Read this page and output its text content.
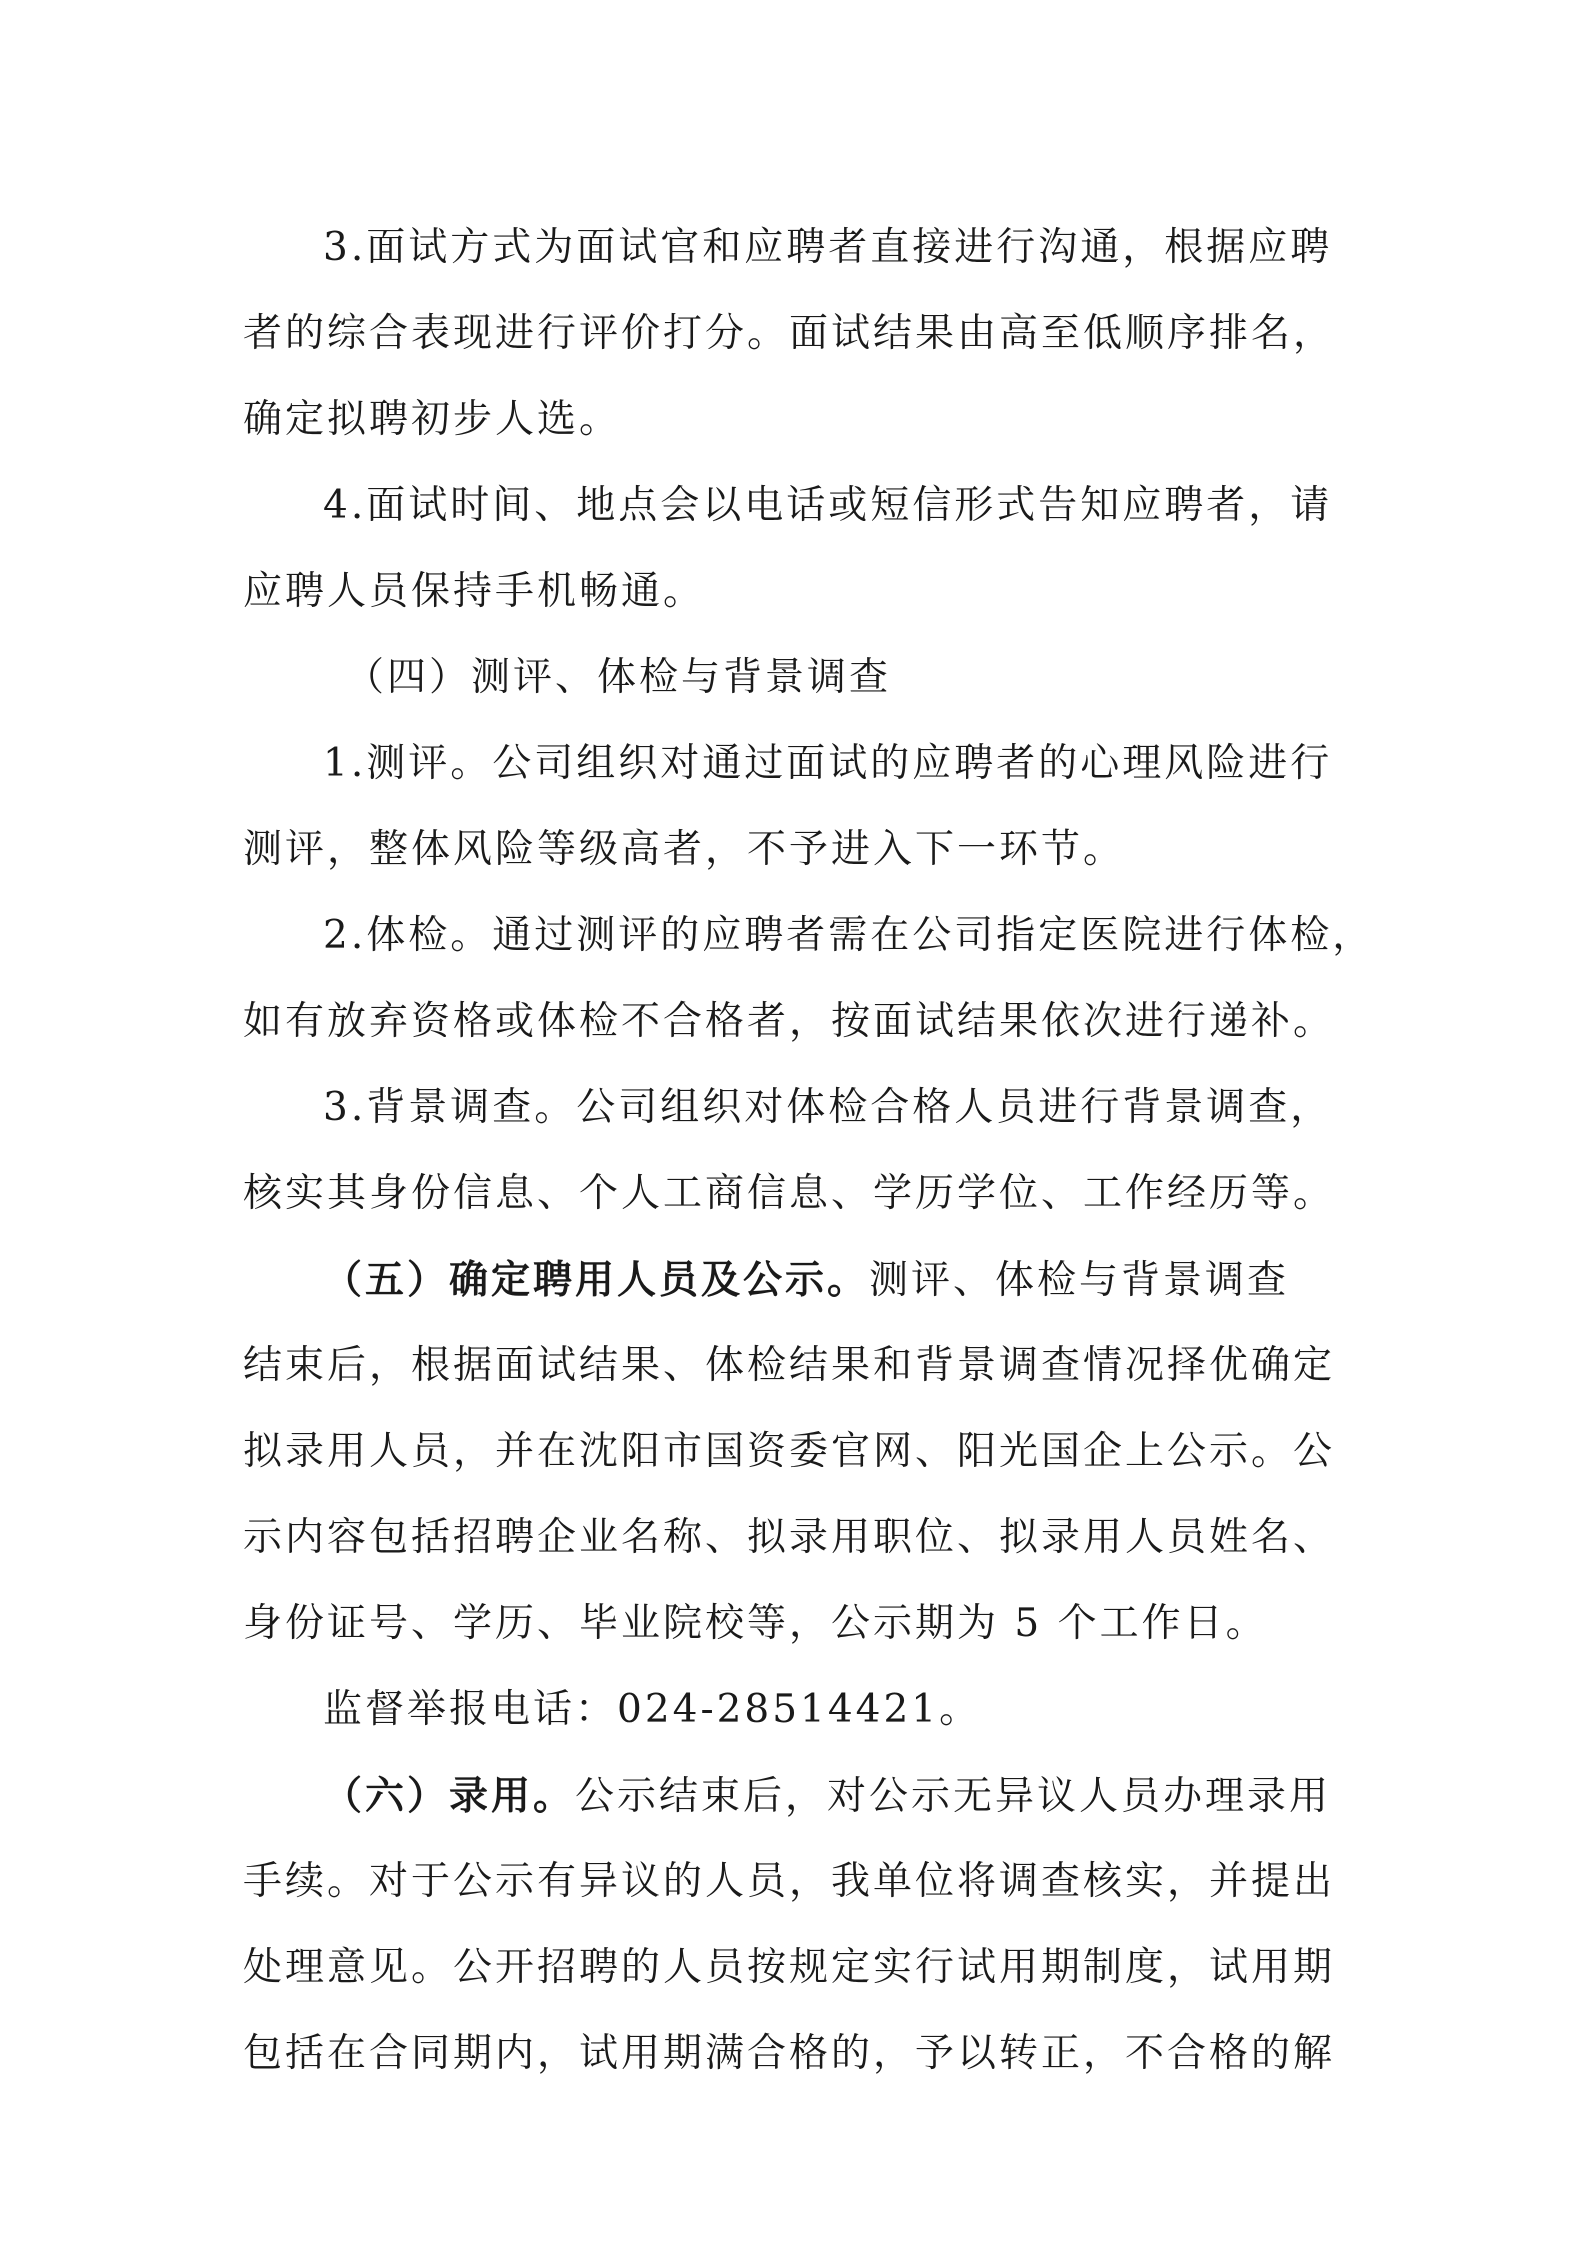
3.面试方式为面试官和应聘者直接进行沟通，根据应聘
者的综合表现进行评价打分。面试结果由高至低顺序排名，
确定拟聘初步人选。
4.面试时间、地点会以电话或短信形式告知应聘者，请
应聘人员保持手机畅通。
（四）测评、体检与背景调查
1.测评。公司组织对通过面试的应聘者的心理风险进行
测评，整体风险等级高者，不予进入下一环节。
2.体检。通过测评的应聘者需在公司指定医院进行体检，
如有放弃资格或体检不合格者，按面试结果依次进行递补。
3.背景调查。公司组织对体检合格人员进行背景调查，
核实其身份信息、个人工商信息、学历学位、工作经历等。
（五）确定聘用人员及公示。测评、体检与背景调查
结束后，根据面试结果、体检结果和背景调查情况择优确定
拟录用人员，并在沈阳市国资委官网、阳光国企上公示。公
示内容包括招聘企业名称、拟录用职位、拟录用人员姓名、
身份证号、学历、毕业院校等，公示期为 5 个工作日。
监督举报电话：024-28514421。
（六）录用。公示结束后，对公示无异议人员办理录用
手续。对于公示有异议的人员，我单位将调查核实，并提出
处理意见。公开招聘的人员按规定实行试用期制度，试用期
包括在合同期内，试用期满合格的，予以转正，不合格的解
